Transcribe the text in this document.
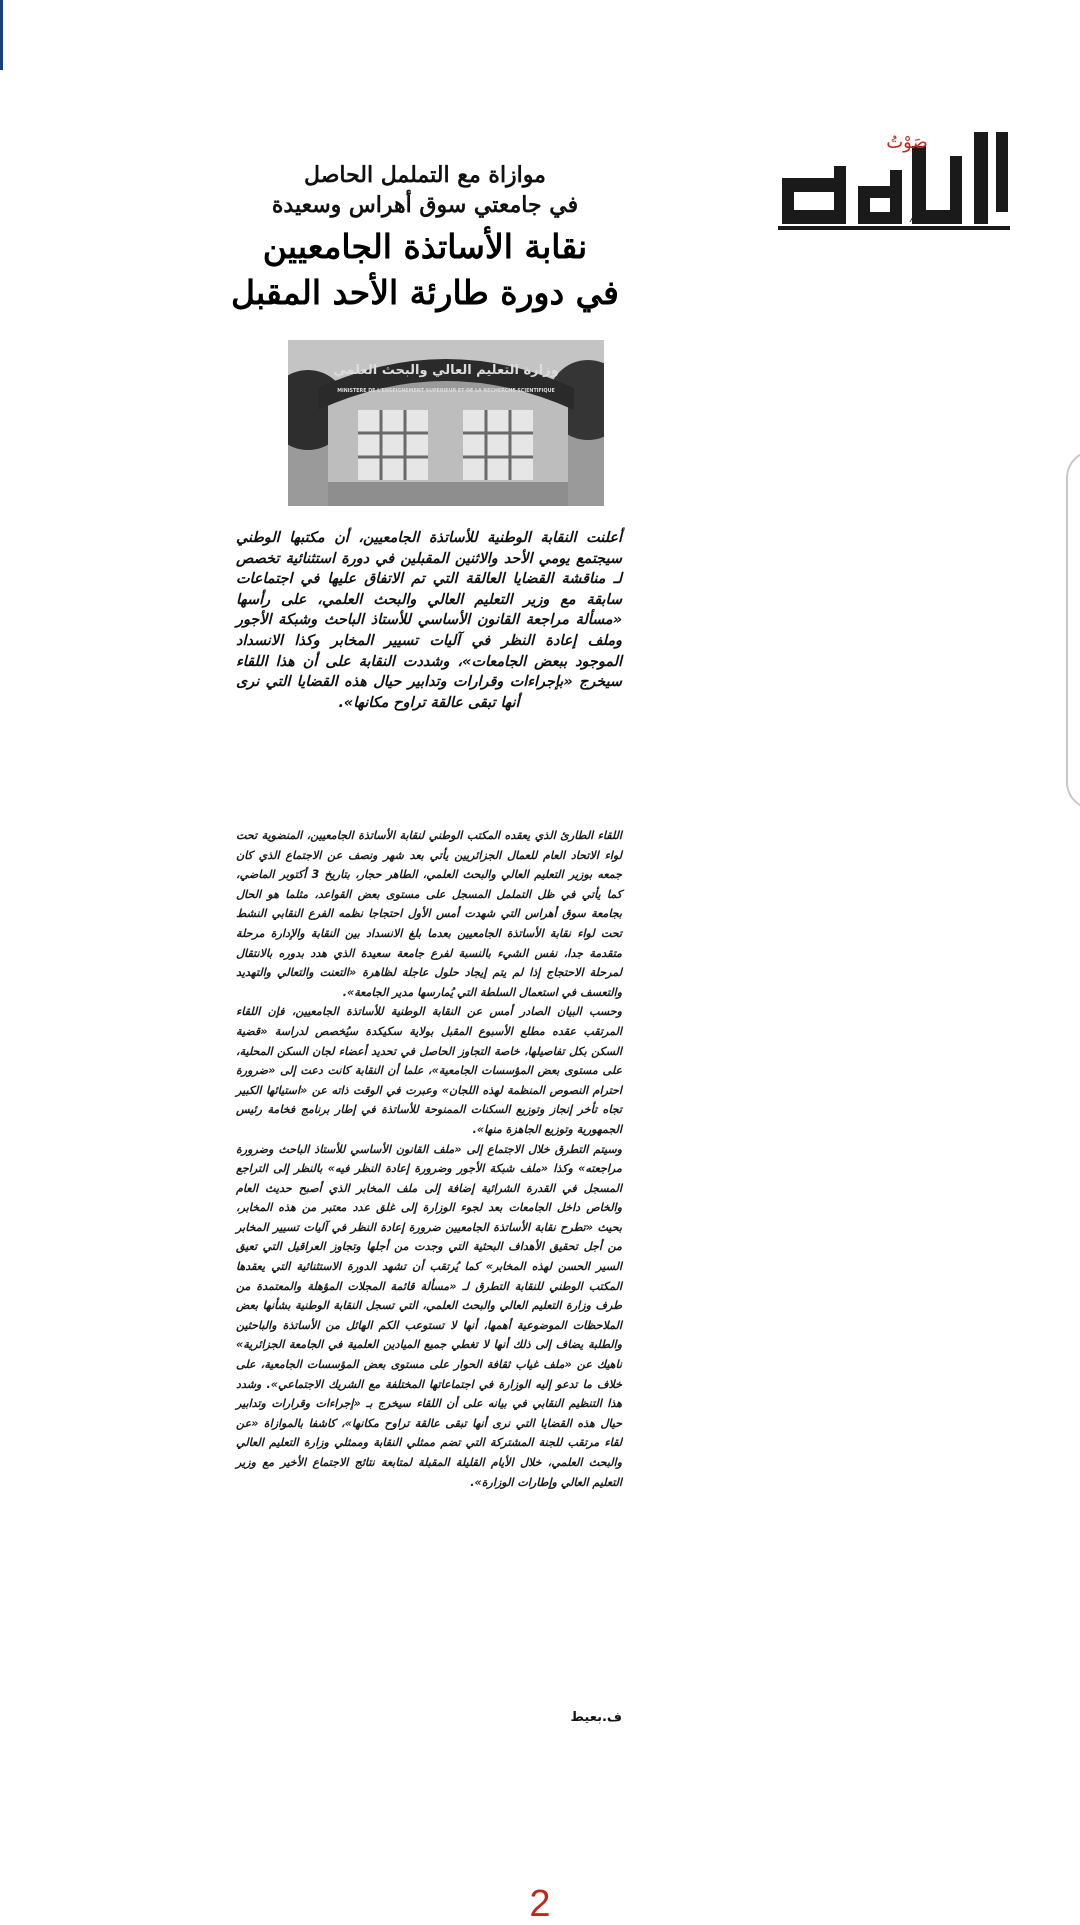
صَوْتُ
الأحرار
AL-AHRAR

موازاة مع التململ الحاصل

في جامعتي سوق أهراس وسعيدة

نقابة الأساتذة الجامعيين

في دورة طارئة الأحد المقبل

وزارة التعليم العالي والبحث العلمي
MINISTERE DE L'ENSEIGNEMENT SUPERIEUR ET DE LA RECHERCHE SCIENTIFIQUE

أعلنت النقابة الوطنية للأساتذة الجامعيين، أن مكتبها الوطني سيجتمع يومي الأحد والاثنين المقبلين في دورة استثنائية تخصص لـ مناقشة القضايا العالقة التي تم الاتفاق عليها في اجتماعات سابقة مع وزير التعليم العالي والبحث العلمي، على رأسها «مسألة مراجعة القانون الأساسي للأستاذ الباحث وشبكة الأجور وملف إعادة النظر في آليات تسيير المخابر وكذا الانسداد الموجود ببعض الجامعات»، وشددت النقابة على أن هذا اللقاء سيخرج «بإجراءات وقرارات وتدابير حيال هذه القضايا التي نرى أنها تبقى عالقة تراوح مكانها».

اللقاء الطارئ الذي يعقده المكتب الوطني لنقابة الأساتذة الجامعيين، المنضوية تحت لواء الاتحاد العام للعمال الجزائريين يأتي بعد شهر ونصف عن الاجتماع الذي كان جمعه بوزير التعليم العالي والبحث العلمي، الطاهر حجار، بتاريخ 3 أكتوبر الماضي، كما يأتي في ظل التململ المسجل على مستوى بعض القواعد، مثلما هو الحال بجامعة سوق أهراس التي شهدت أمس الأول احتجاجا نظمه الفرع النقابي النشط تحت لواء نقابة الأساتذة الجامعيين بعدما بلغ الانسداد بين النقابة والإدارة مرحلة متقدمة جدا، نفس الشيء بالنسبة لفرع جامعة سعيدة الذي هدد بدوره بالانتقال لمرحلة الاحتجاج إذا لم يتم إيجاد حلول عاجلة لظاهرة «التعنت والتعالي والتهديد والتعسف في استعمال السلطة التي يُمارسها مدير الجامعة».

وحسب البيان الصادر أمس عن النقابة الوطنية للأساتذة الجامعيين، فإن اللقاء المرتقب عقده مطلع الأسبوع المقبل بولاية سكيكدة سيُخصص لدراسة «قضية السكن بكل تفاصيلها، خاصة التجاوز الحاصل في تحديد أعضاء لجان السكن المحلية، على مستوى بعض المؤسسات الجامعية»، علما أن النقابة كانت دعت إلى «ضرورة احترام النصوص المنظمة لهذه اللجان» وعبرت في الوقت ذاته عن «استيائها الكبير تجاه تأخر إنجاز وتوزيع السكنات الممنوحة للأساتذة في إطار برنامج فخامة رئيس الجمهورية وتوزيع الجاهزة منها».

وسيتم التطرق خلال الاجتماع إلى «ملف القانون الأساسي للأستاذ الباحث وضرورة مراجعته» وكذا «ملف شبكة الأجور وضرورة إعادة النظر فيه» بالنظر إلى التراجع المسجل في القدرة الشرائية إضافة إلى ملف المخابر الذي أصبح حديث العام والخاص داخل الجامعات بعد لجوء الوزارة إلى غلق عدد معتبر من هذه المخابر، بحيث «تطرح نقابة الأساتذة الجامعيين ضرورة إعادة النظر في آليات تسيير المخابر من أجل تحقيق الأهداف البحثية التي وجدت من أجلها وتجاوز العراقيل التي تعيق السير الحسن لهذه المخابر» كما يُرتقب أن تشهد الدورة الاستثنائية التي يعقدها المكتب الوطني للنقابة التطرق لـ «مسألة قائمة المجلات المؤهلة والمعتمدة من طرف وزارة التعليم العالي والبحث العلمي، التي تسجل النقابة الوطنية بشأنها بعض الملاحظات الموضوعية أهمها، أنها لا تستوعب الكم الهائل من الأساتذة والباحثين والطلبة يضاف إلى ذلك أنها لا تغطي جميع الميادين العلمية في الجامعة الجزائرية» ناهيك عن «ملف غياب ثقافة الحوار على مستوى بعض المؤسسات الجامعية، على خلاف ما تدعو إليه الوزارة في اجتماعاتها المختلفة مع الشريك الاجتماعي». وشدد هذا التنظيم النقابي في بيانه على أن اللقاء سيخرج بـ «إجراءات وقرارات وتدابير حيال هذه القضايا التي نرى أنها تبقى عالقة تراوح مكانها»، كاشفا بالموازاة «عن لقاء مرتقب للجنة المشتركة التي تضم ممثلي النقابة وممثلي وزارة التعليم العالي والبحث العلمي، خلال الأيام القليلة المقبلة لمتابعة نتائج الاجتماع الأخير مع وزير التعليم العالي وإطارات الوزارة».

ف.بعيط

2
